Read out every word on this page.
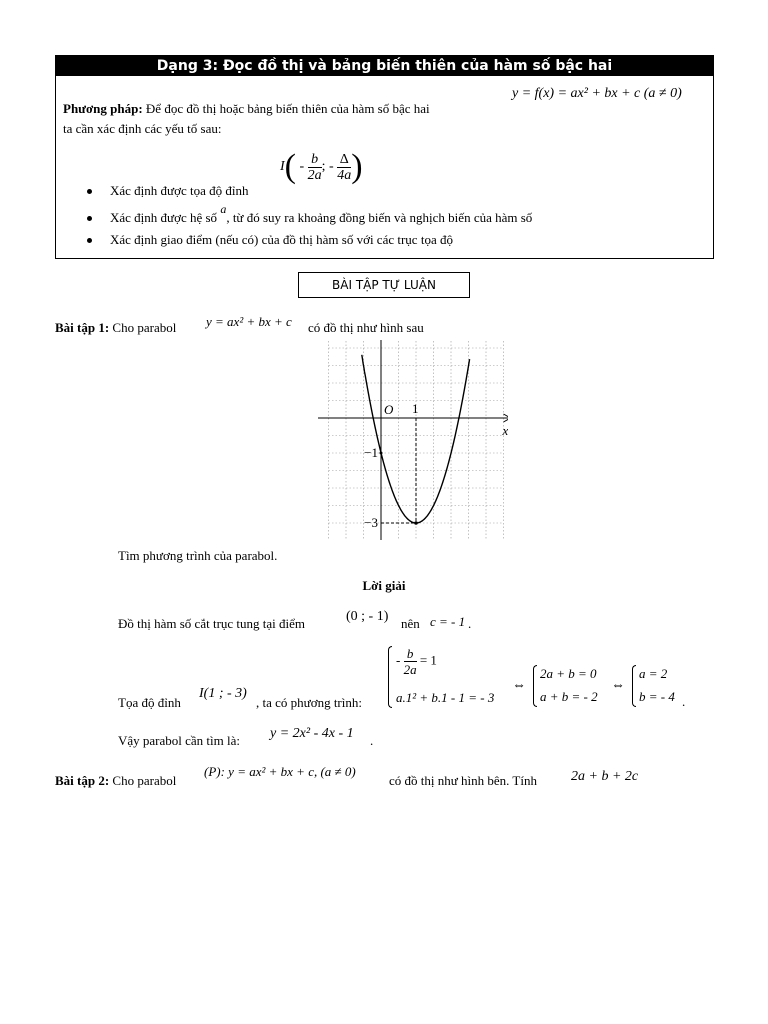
Dạng 3: Đọc đồ thị và bảng biến thiên của hàm số bậc hai
y = f(x) = ax² + bx + c (a ≠ 0)
Phương pháp: Để đọc đồ thị hoặc bảng biến thiên của hàm số bậc hai
ta cần xác định các yếu tố sau:
$I( - \frac{b}{2a}$ ; - $\frac{\Delta}{4a}$ )
Xác định được tọa độ đỉnh
Xác định được hệ số a, từ đó suy ra khoảng đồng biến và nghịch biến của hàm số
Xác định giao điểm (nếu có) của đồ thị hàm số với các trục tọa độ
BÀI TẬP TỰ LUẬN
Bài tập 1: Cho parabol y = ax² + bx + c có đồ thị như hình sau
x
O 1
−1
−3
Tìm phương trình của parabol.
Lời giải
Đồ thị hàm số cắt trục tung tại điểm	(0 ; - 1) nên c = - 1 .
Tọa độ đỉnh
I(1 ; - 3)
, ta có phương trình:
- $\frac{b}{2a} = 1$
a.1² + b.1 - 1 = - 3
⇔
2a + b = 0
a + b = - 2
⇔
a = 2
b = - 4 .
Vậy parabol cần tìm là: y = 2x² - 4x - 1 .
Bài tập 2: Cho parabol
(P): y = ax² + bx + c, (a ≠ 0)
có đồ thị như hình bên. Tính 2a + b + 2c
